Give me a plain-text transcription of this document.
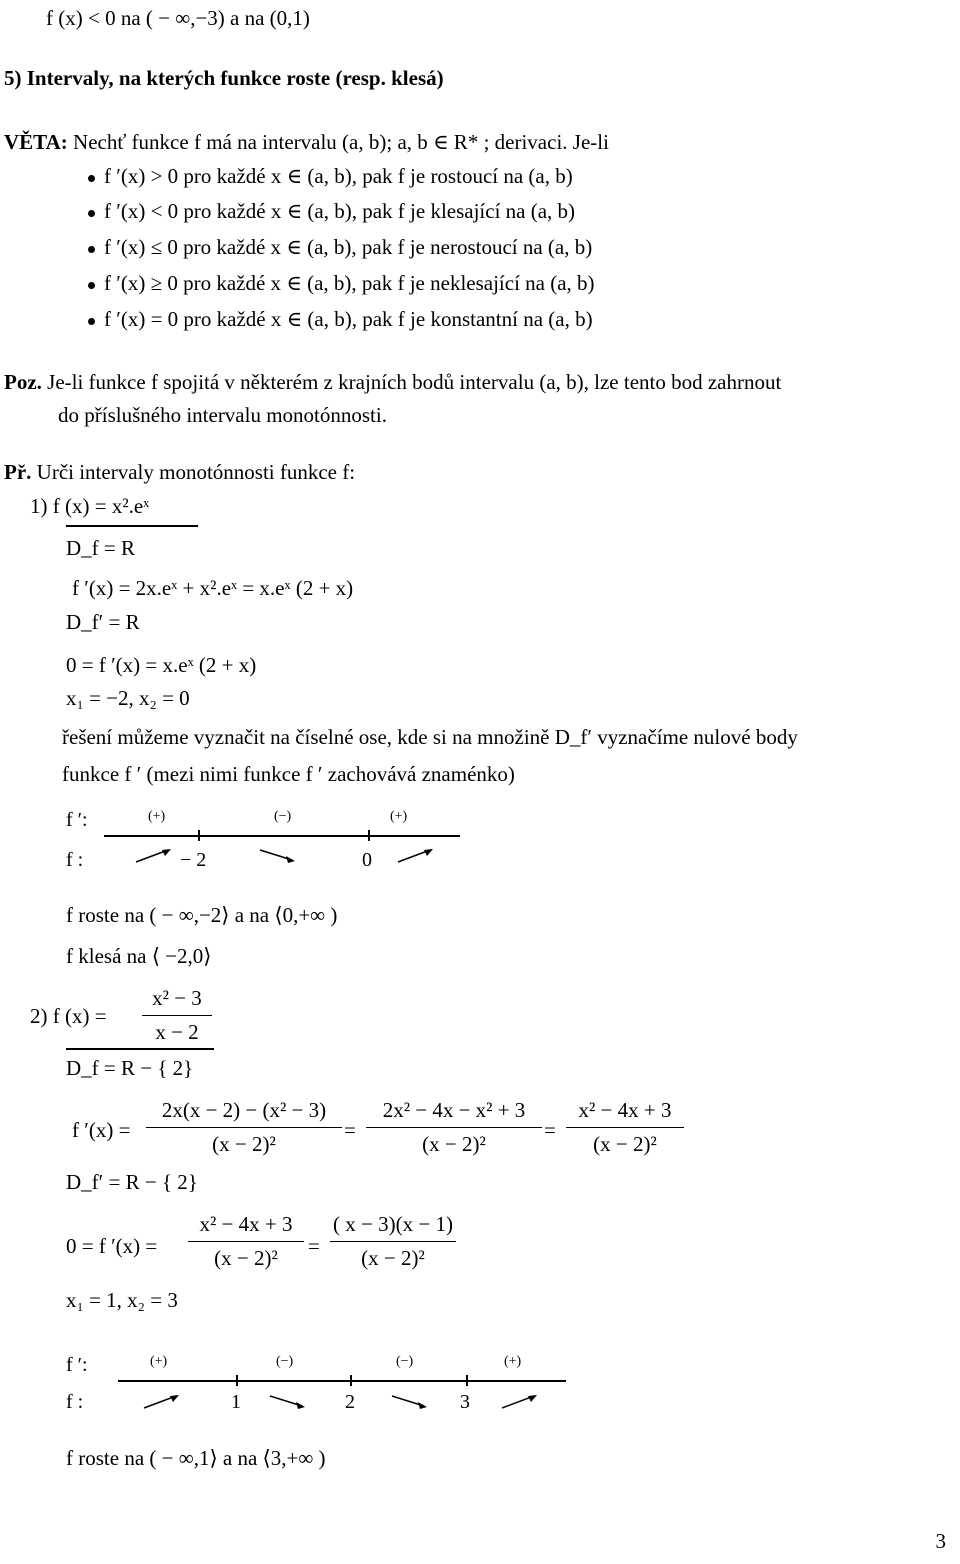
f (x) < 0 na ( − ∞,−3) a na (0,1)
5) Intervaly, na kterých funkce roste (resp. klesá)
VĚTA: Nechť funkce f má na intervalu (a, b); a, b ∈ R* ; derivaci. Je-li
f ′(x) > 0 pro každé x ∈ (a, b), pak f je rostoucí na (a, b)
f ′(x) < 0 pro každé x ∈ (a, b), pak f je klesající na (a, b)
f ′(x) ≤ 0 pro každé x ∈ (a, b), pak f je nerostoucí na (a, b)
f ′(x) ≥ 0 pro každé x ∈ (a, b), pak f je neklesající na (a, b)
f ′(x) = 0 pro každé x ∈ (a, b), pak f je konstantní na (a, b)
Poz. Je-li funkce f spojitá v některém z krajních bodů intervalu (a, b), lze tento bod zahrnout
do příslušného intervalu monotónnosti.
Př. Urči intervaly monotónnosti funkce f:
1) f (x) = x².eˣ
D_f = R
f ′(x) = 2x.eˣ + x².eˣ = x.eˣ (2 + x)
D_f′ = R
0 = f ′(x) = x.eˣ (2 + x)
x₁ = −2, x₂ = 0
řešení můžeme vyznačit na číselné ose, kde si na množině D_f′ vyznačíme nulové body
funkce f ′ (mezi nimi funkce f ′ zachovává znaménko)
f ′:
f :
(+)	(−)	(+)
− 2	0
f roste na ( − ∞,−2⟩ a na ⟨0,+∞ )
f klesá na ⟨ −2,0⟩
2) f $(x) = \frac{\text{x² − 3}}{x - 2}$
D_f = R − { 2}
f $'(x) = \frac{\text{2x(x − 2) − (x² − 3)}}{\text{(x − 2)²}} = \frac{\text{2x² − 4x − x² + 3}}{\text{(x − 2)²}} = \frac{\text{x² − 4x + 3}}{\text{(x − 2)²}}$
D_f′ = R − { 2}
0 = f $'(x) = \frac{\text{x² − 4x + 3}}{\text{(x − 2)²}} = \frac{( x - 3)(x - 1)}{\text{(x − 2)²}}$
x₁ = 1, x₂ = 3
f ′:
f :
(+)	(−)	(−)	(+)
1	2	3
f roste na ( − ∞,1⟩ a na ⟨3,+∞ )
3
